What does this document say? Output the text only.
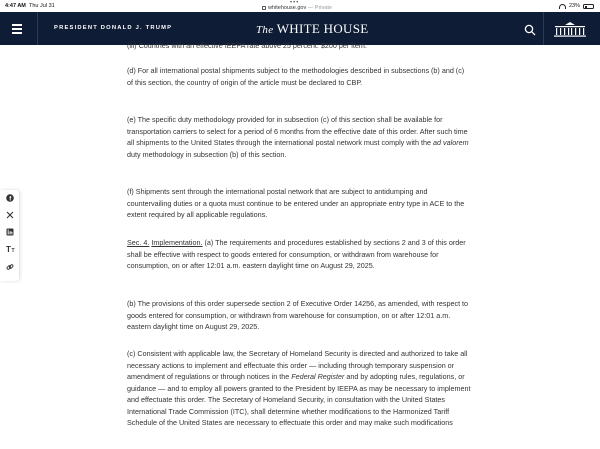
4:47 AM Thu Jul 31	•••
whitehouse.gov — Private	23%
PRESIDENT DONALD J. TRUMP	The WHITE HOUSE
f
T T

(iii) Countries with an effective IEEPA rate above 25 percent: $200 per item.

(d) For all international postal shipments subject to the methodologies described in subsections (b) and (c) of this section, the country of origin of the article must be declared to CBP.

(e) The specific duty methodology provided for in subsection (c) of this section shall be available for transportation carriers to select for a period of 6 months from the effective date of this order. After such time all shipments to the United States through the international postal network must comply with the ad valorem duty methodology in subsection (b) of this section.

(f) Shipments sent through the international postal network that are subject to antidumping and countervailing duties or a quota must continue to be entered under an appropriate entry type in ACE to the extent required by all applicable regulations.

Sec. 4. Implementation. (a) The requirements and procedures established by sections 2 and 3 of this order shall be effective with respect to goods entered for consumption, or withdrawn from warehouse for consumption, on or after 12:01 a.m. eastern daylight time on August 29, 2025.

(b) The provisions of this order supersede section 2 of Executive Order 14256, as amended, with respect to goods entered for consumption, or withdrawn from warehouse for consumption, on or after 12:01 a.m. eastern daylight time on August 29, 2025.

(c) Consistent with applicable law, the Secretary of Homeland Security is directed and authorized to take all necessary actions to implement and effectuate this order — including through temporary suspension or amendment of regulations or through notices in the Federal Register and by adopting rules, regulations, or guidance — and to employ all powers granted to the President by IEEPA as may be necessary to implement and effectuate this order. The Secretary of Homeland Security, in consultation with the United States International Trade Commission (ITC), shall determine whether modifications to the Harmonized Tariff Schedule of the United States are necessary to effectuate this order and may make such modifications
